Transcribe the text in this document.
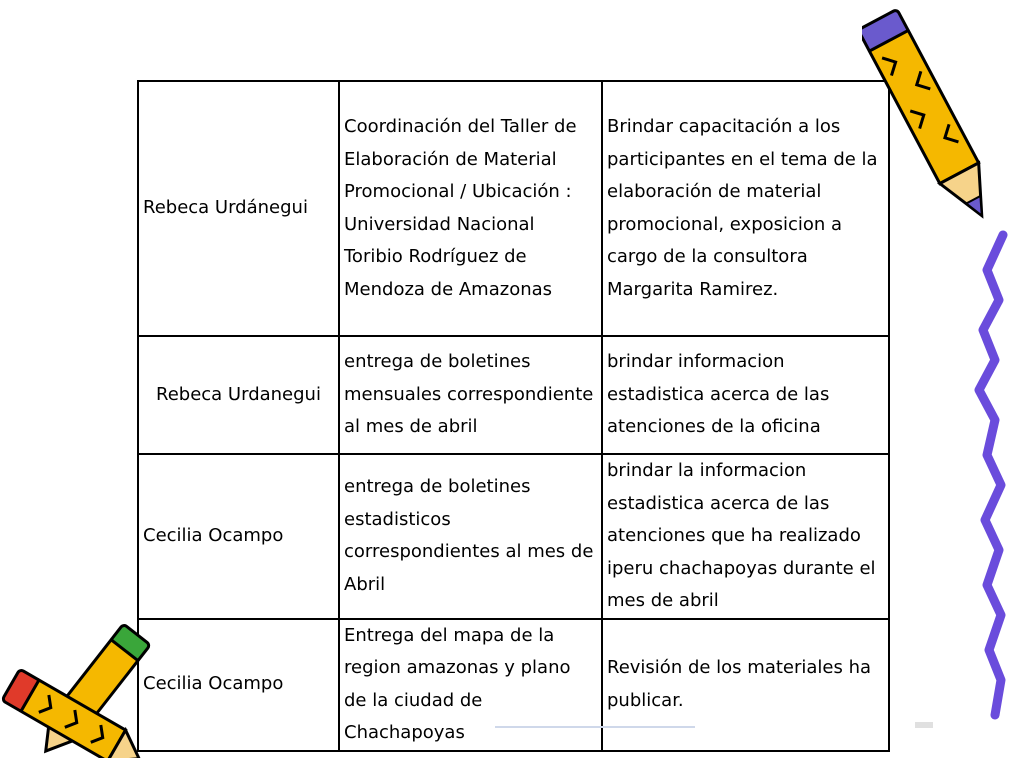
Rebeca Urdánegui	Coordinación del Taller de Elaboración de Material Promocional / Ubicación : Universidad Nacional Toribio Rodríguez de Mendoza de Amazonas	Brindar capacitación a los participantes en el tema de la elaboración de material promocional, exposicion a cargo de la consultora Margarita Ramirez.
Rebeca Urdanegui	entrega de boletines mensuales correspondiente al mes de abril	brindar informacion estadistica acerca de las atenciones de la oficina
Cecilia Ocampo	entrega de boletines estadisticos correspondientes al mes de Abril	brindar la informacion estadistica acerca de las atenciones que ha realizado iperu chachapoyas durante el mes de abril
Cecilia Ocampo	Entrega del mapa de la region amazonas y plano de la ciudad de Chachapoyas	Revisión de los materiales ha publicar.
